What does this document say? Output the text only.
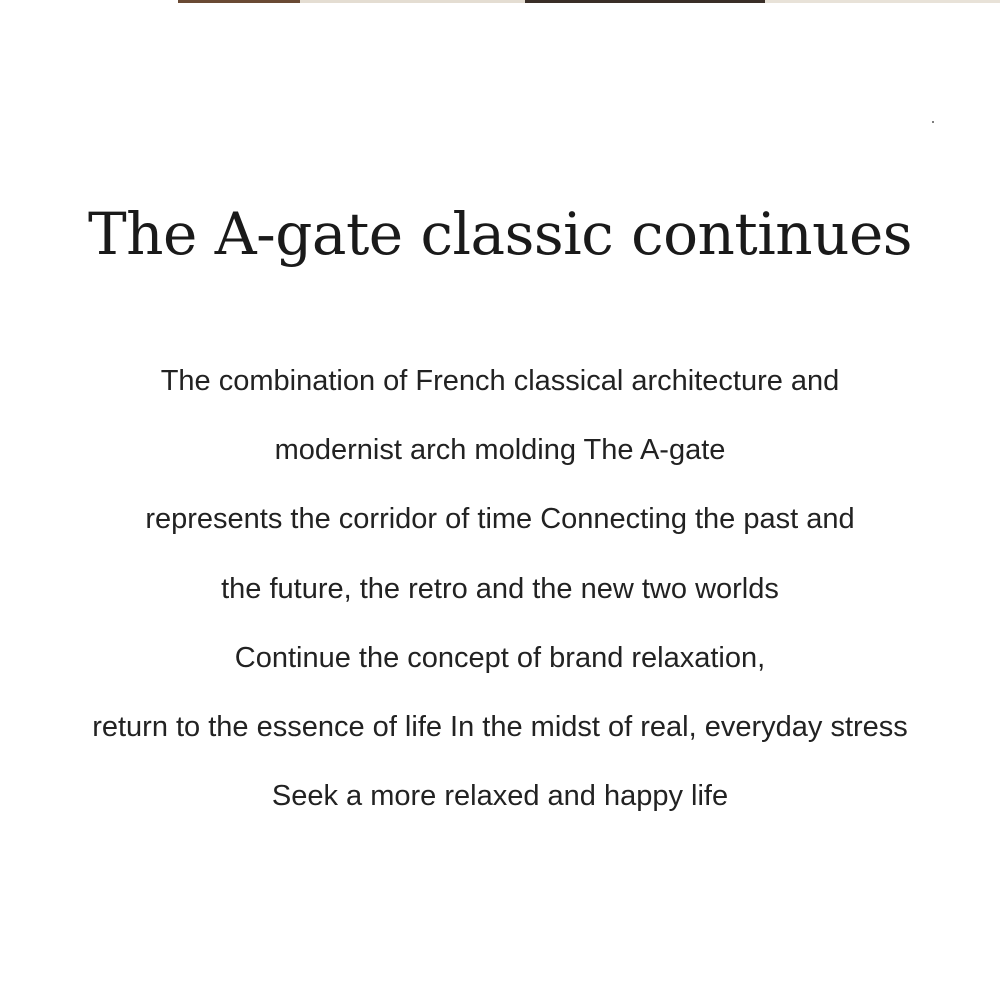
The A-gate classic continues
The combination of French classical architecture and
modernist arch molding The A-gate
represents the corridor of time Connecting the past and
the future, the retro and the new two worlds
Continue the concept of brand relaxation,
return to the essence of life In the midst of real, everyday stress
Seek a more relaxed and happy life
